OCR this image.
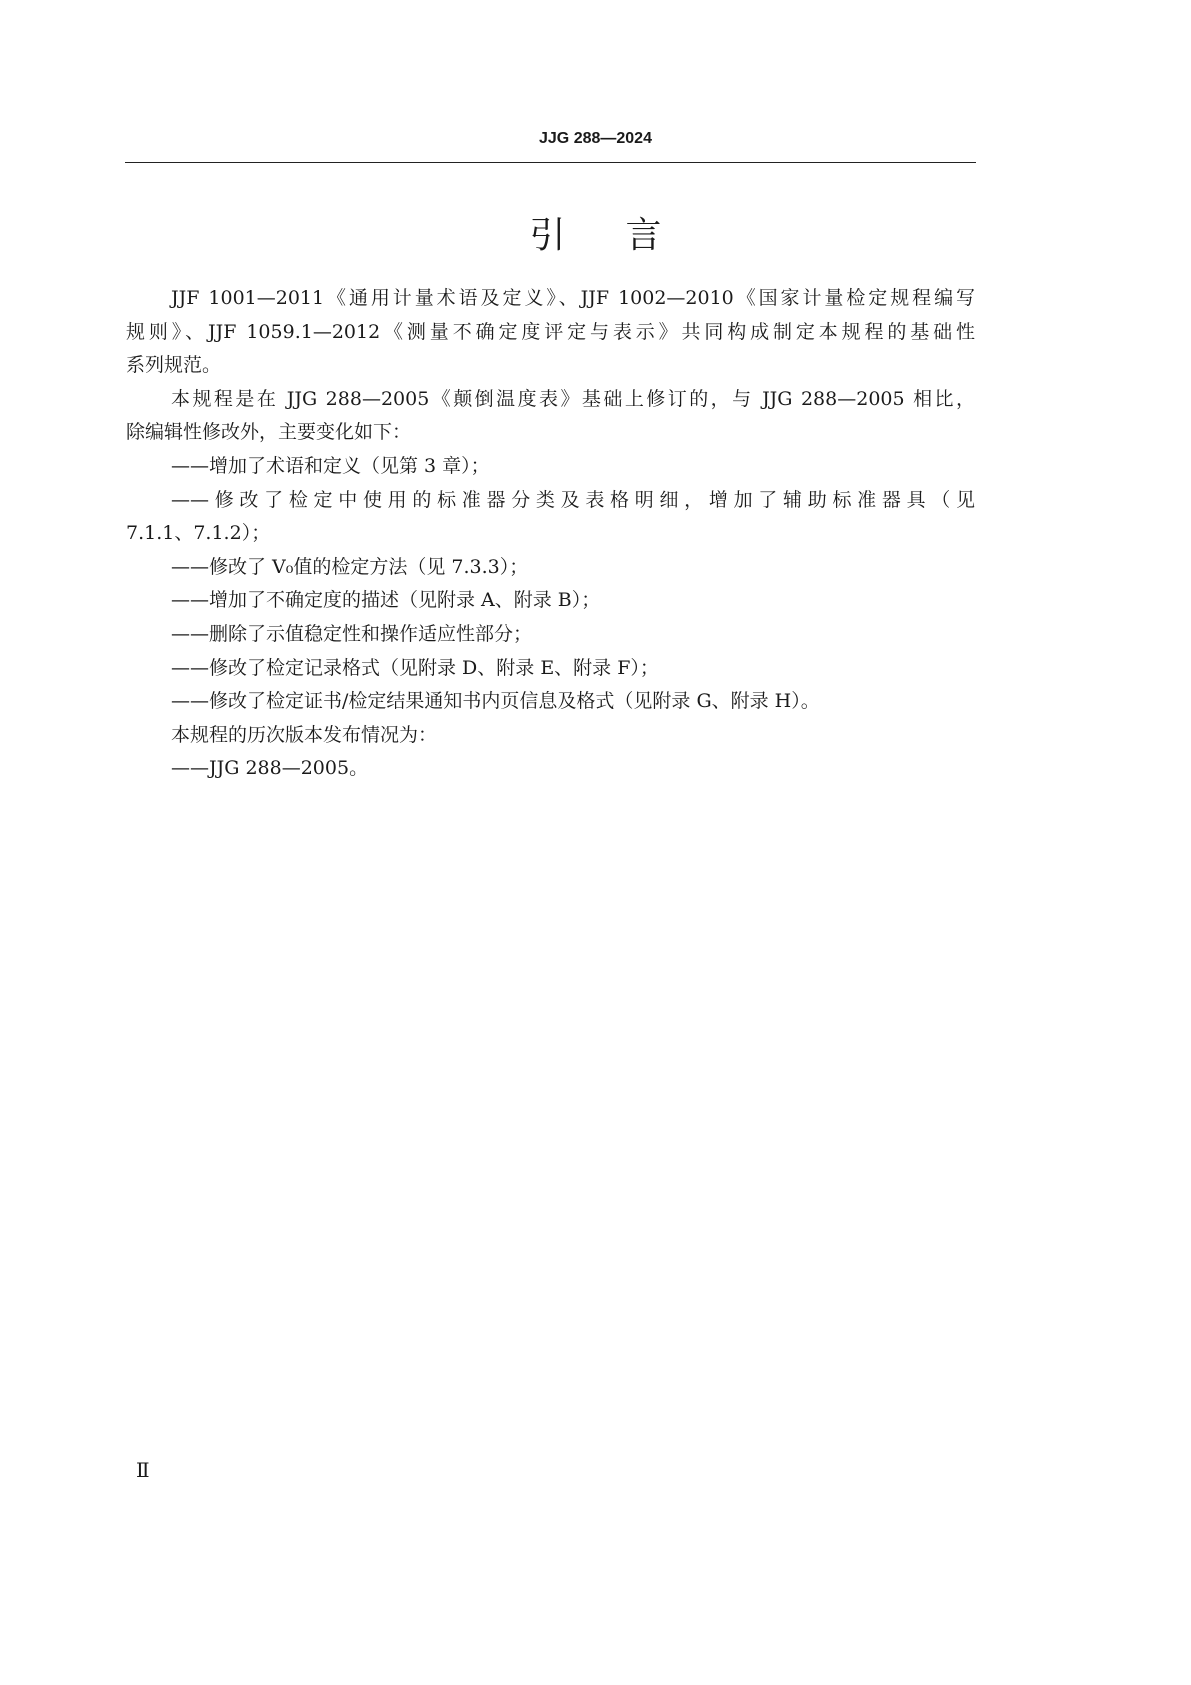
JJG 288—2024
引言
JJF 1001—2011《通用计量术语及定义》、JJF 1002—2010《国家计量检定规程编写
规则》、JJF 1059.1—2012《测量不确定度评定与表示》共同构成制定本规程的基础性
系列规范。
本规程是在 JJG 288—2005《颠倒温度表》基础上修订的，与 JJG 288—2005 相比，
除编辑性修改外，主要变化如下：
——增加了术语和定义（见第 3 章）；
——修改了检定中使用的标准器分类及表格明细，增加了辅助标准器具（见
7.1.1、7.1.2）；
——修改了 V₀值的检定方法（见 7.3.3）；
——增加了不确定度的描述（见附录 A、附录 B）；
——删除了示值稳定性和操作适应性部分；
——修改了检定记录格式（见附录 D、附录 E、附录 F）；
——修改了检定证书/检定结果通知书内页信息及格式（见附录 G、附录 H）。
本规程的历次版本发布情况为：
——JJG 288—2005。
Ⅱ
